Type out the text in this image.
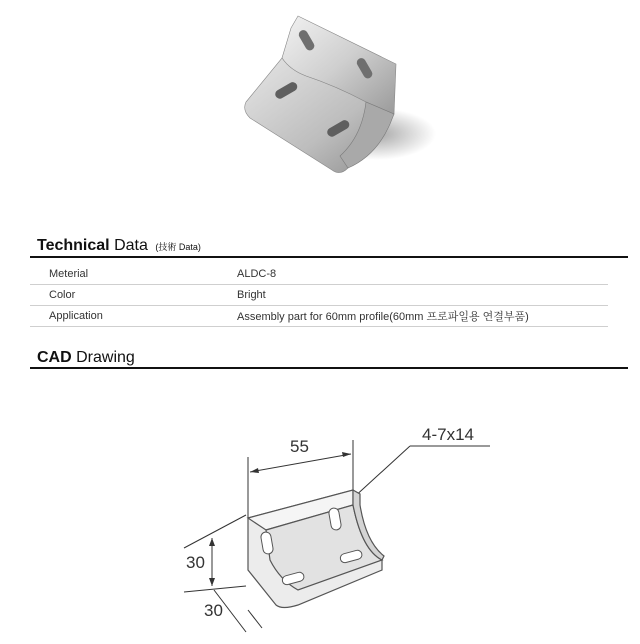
Technical Data (技術 Data)
Meterial	ALDC-8
Color	Bright
Application	Assembly part for 60mm profile(60mm 프로파일용 연결부품)
CAD Drawing
55
4-7x14
30
30
